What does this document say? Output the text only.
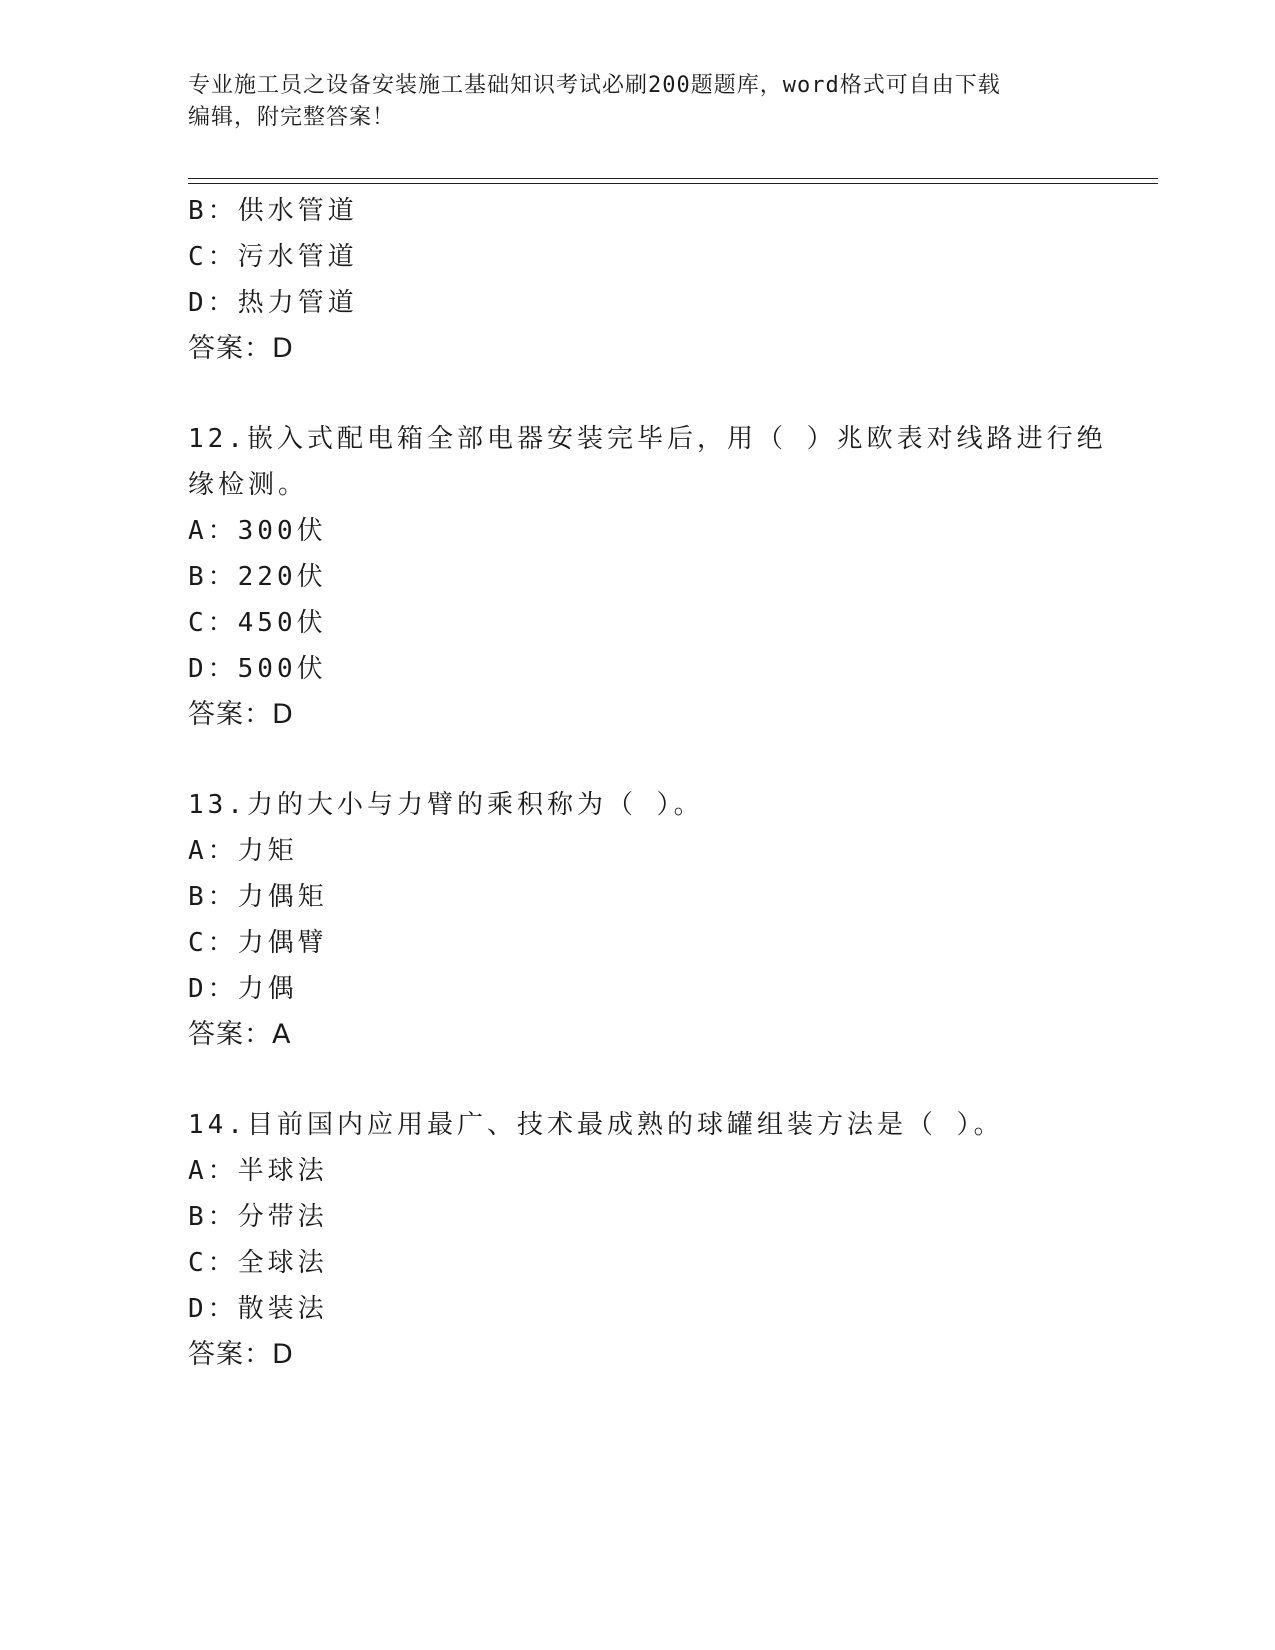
专业施工员之设备安装施工基础知识考试必刷200题题库，word格式可自由下载
编辑，附完整答案！
B：供水管道
C：污水管道
D：热力管道
答案：D
12.嵌入式配电箱全部电器安装完毕后，用（ ）兆欧表对线路进行绝
缘检测。
A：300伏
B：220伏
C：450伏
D：500伏
答案：D
13.力的大小与力臂的乘积称为（ ）。
A：力矩
B：力偶矩
C：力偶臂
D：力偶
答案：A
14.目前国内应用最广、技术最成熟的球罐组装方法是（ ）。
A：半球法
B：分带法
C：全球法
D：散装法
答案：D
